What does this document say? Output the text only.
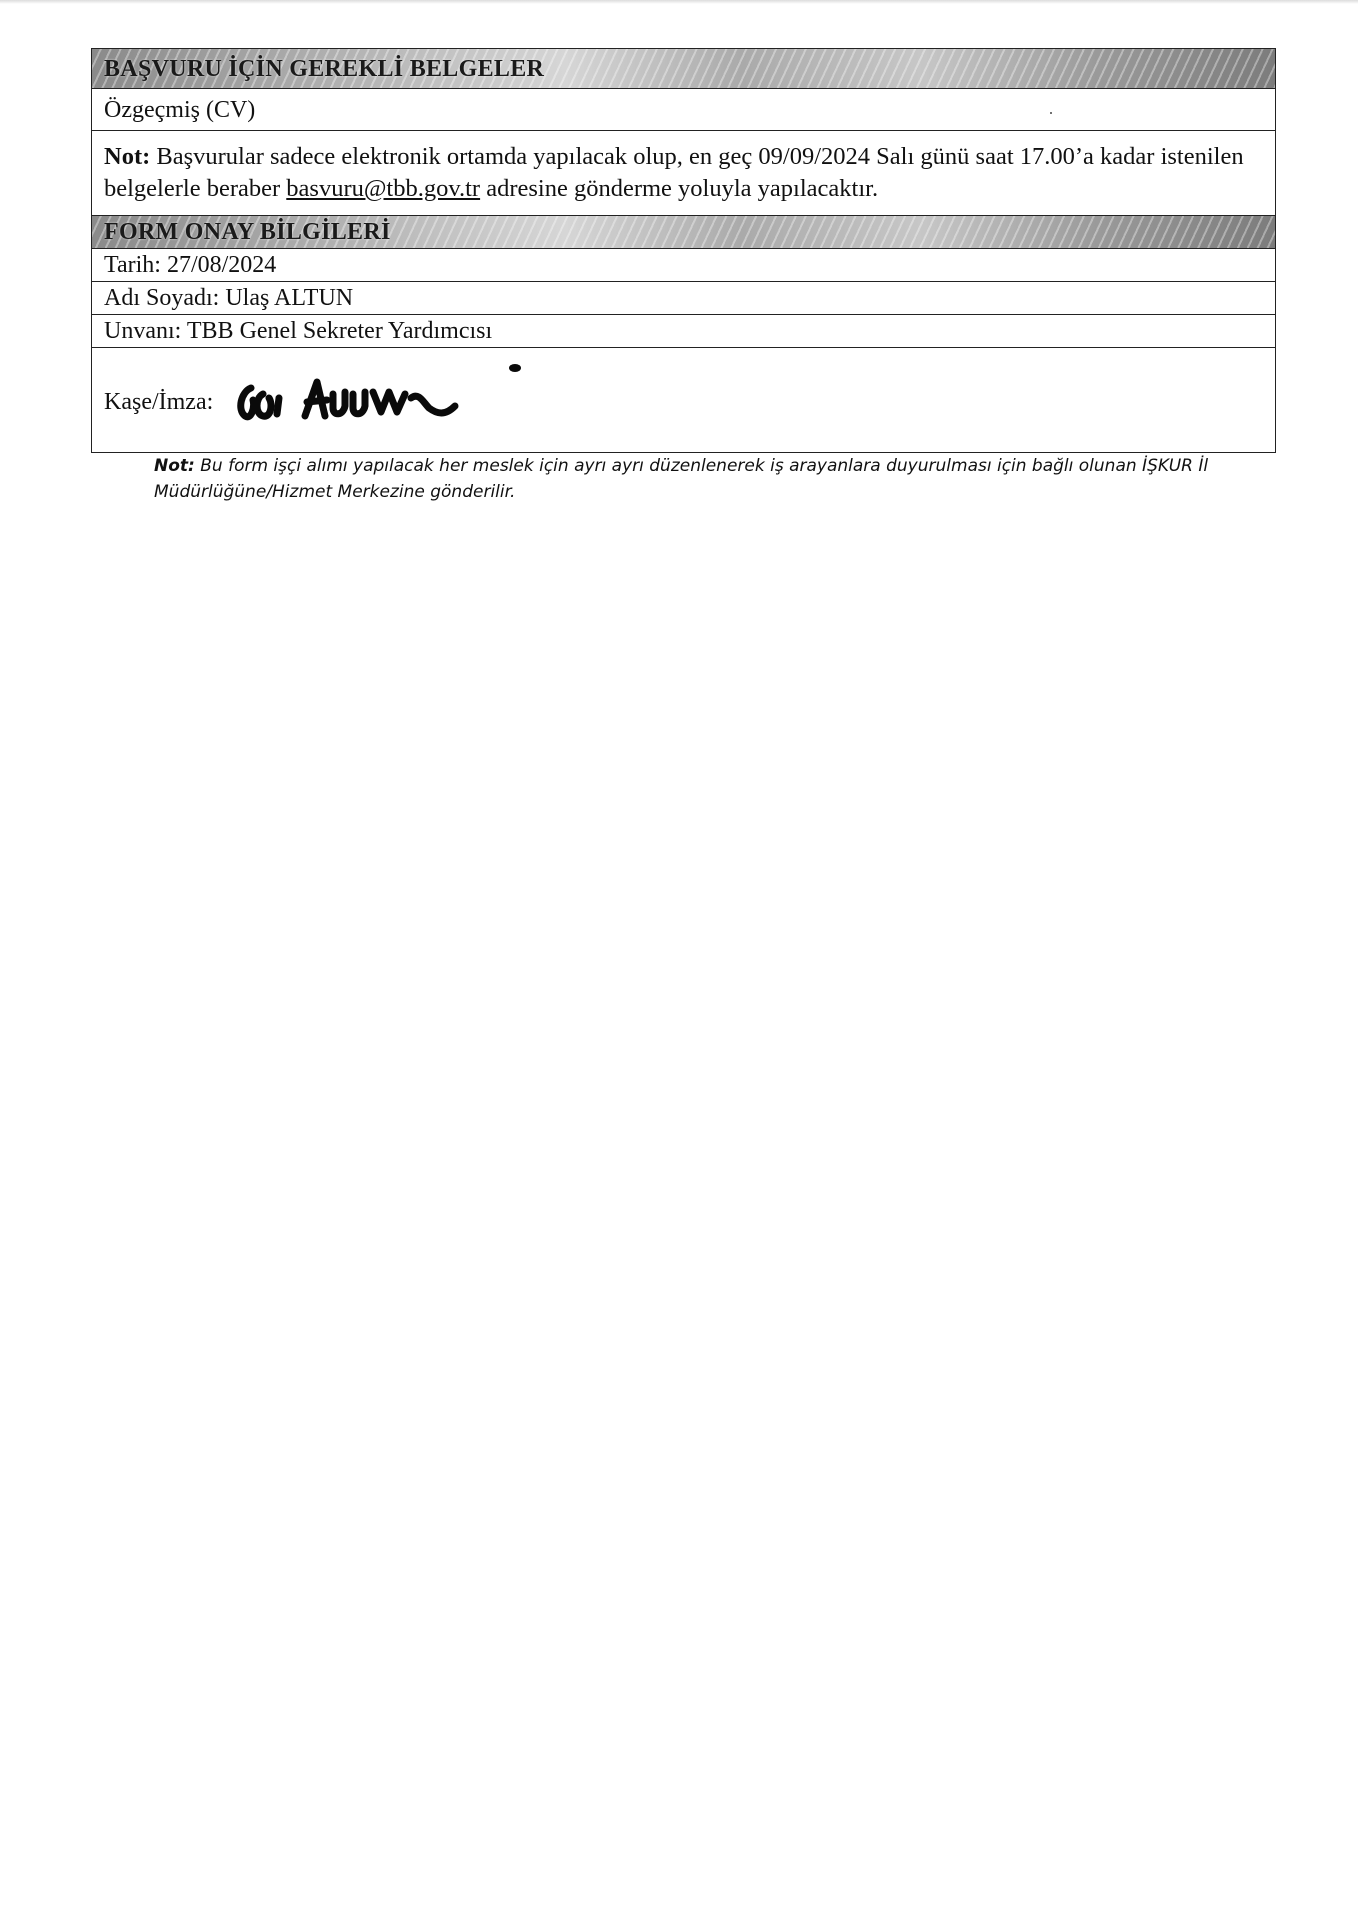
BAŞVURU İÇİN GEREKLİ BELGELER
Özgeçmiş (CV)
Not: Başvurular sadece elektronik ortamda yapılacak olup, en geç 09/09/2024 Salı günü saat 17.00’a kadar istenilen belgelerle beraber basvuru@tbb.gov.tr adresine gönderme yoluyla yapılacaktır.
FORM ONAY BİLGİLERİ
Tarih: 27/08/2024
Adı Soyadı: Ulaş ALTUN
Unvanı: TBB Genel Sekreter Yardımcısı
Kaşe/İmza:
Not: Bu form işçi alımı yapılacak her meslek için ayrı ayrı düzenlenerek iş arayanlara duyurulması için bağlı olunan İŞKUR İl Müdürlüğüne/Hizmet Merkezine gönderilir.
